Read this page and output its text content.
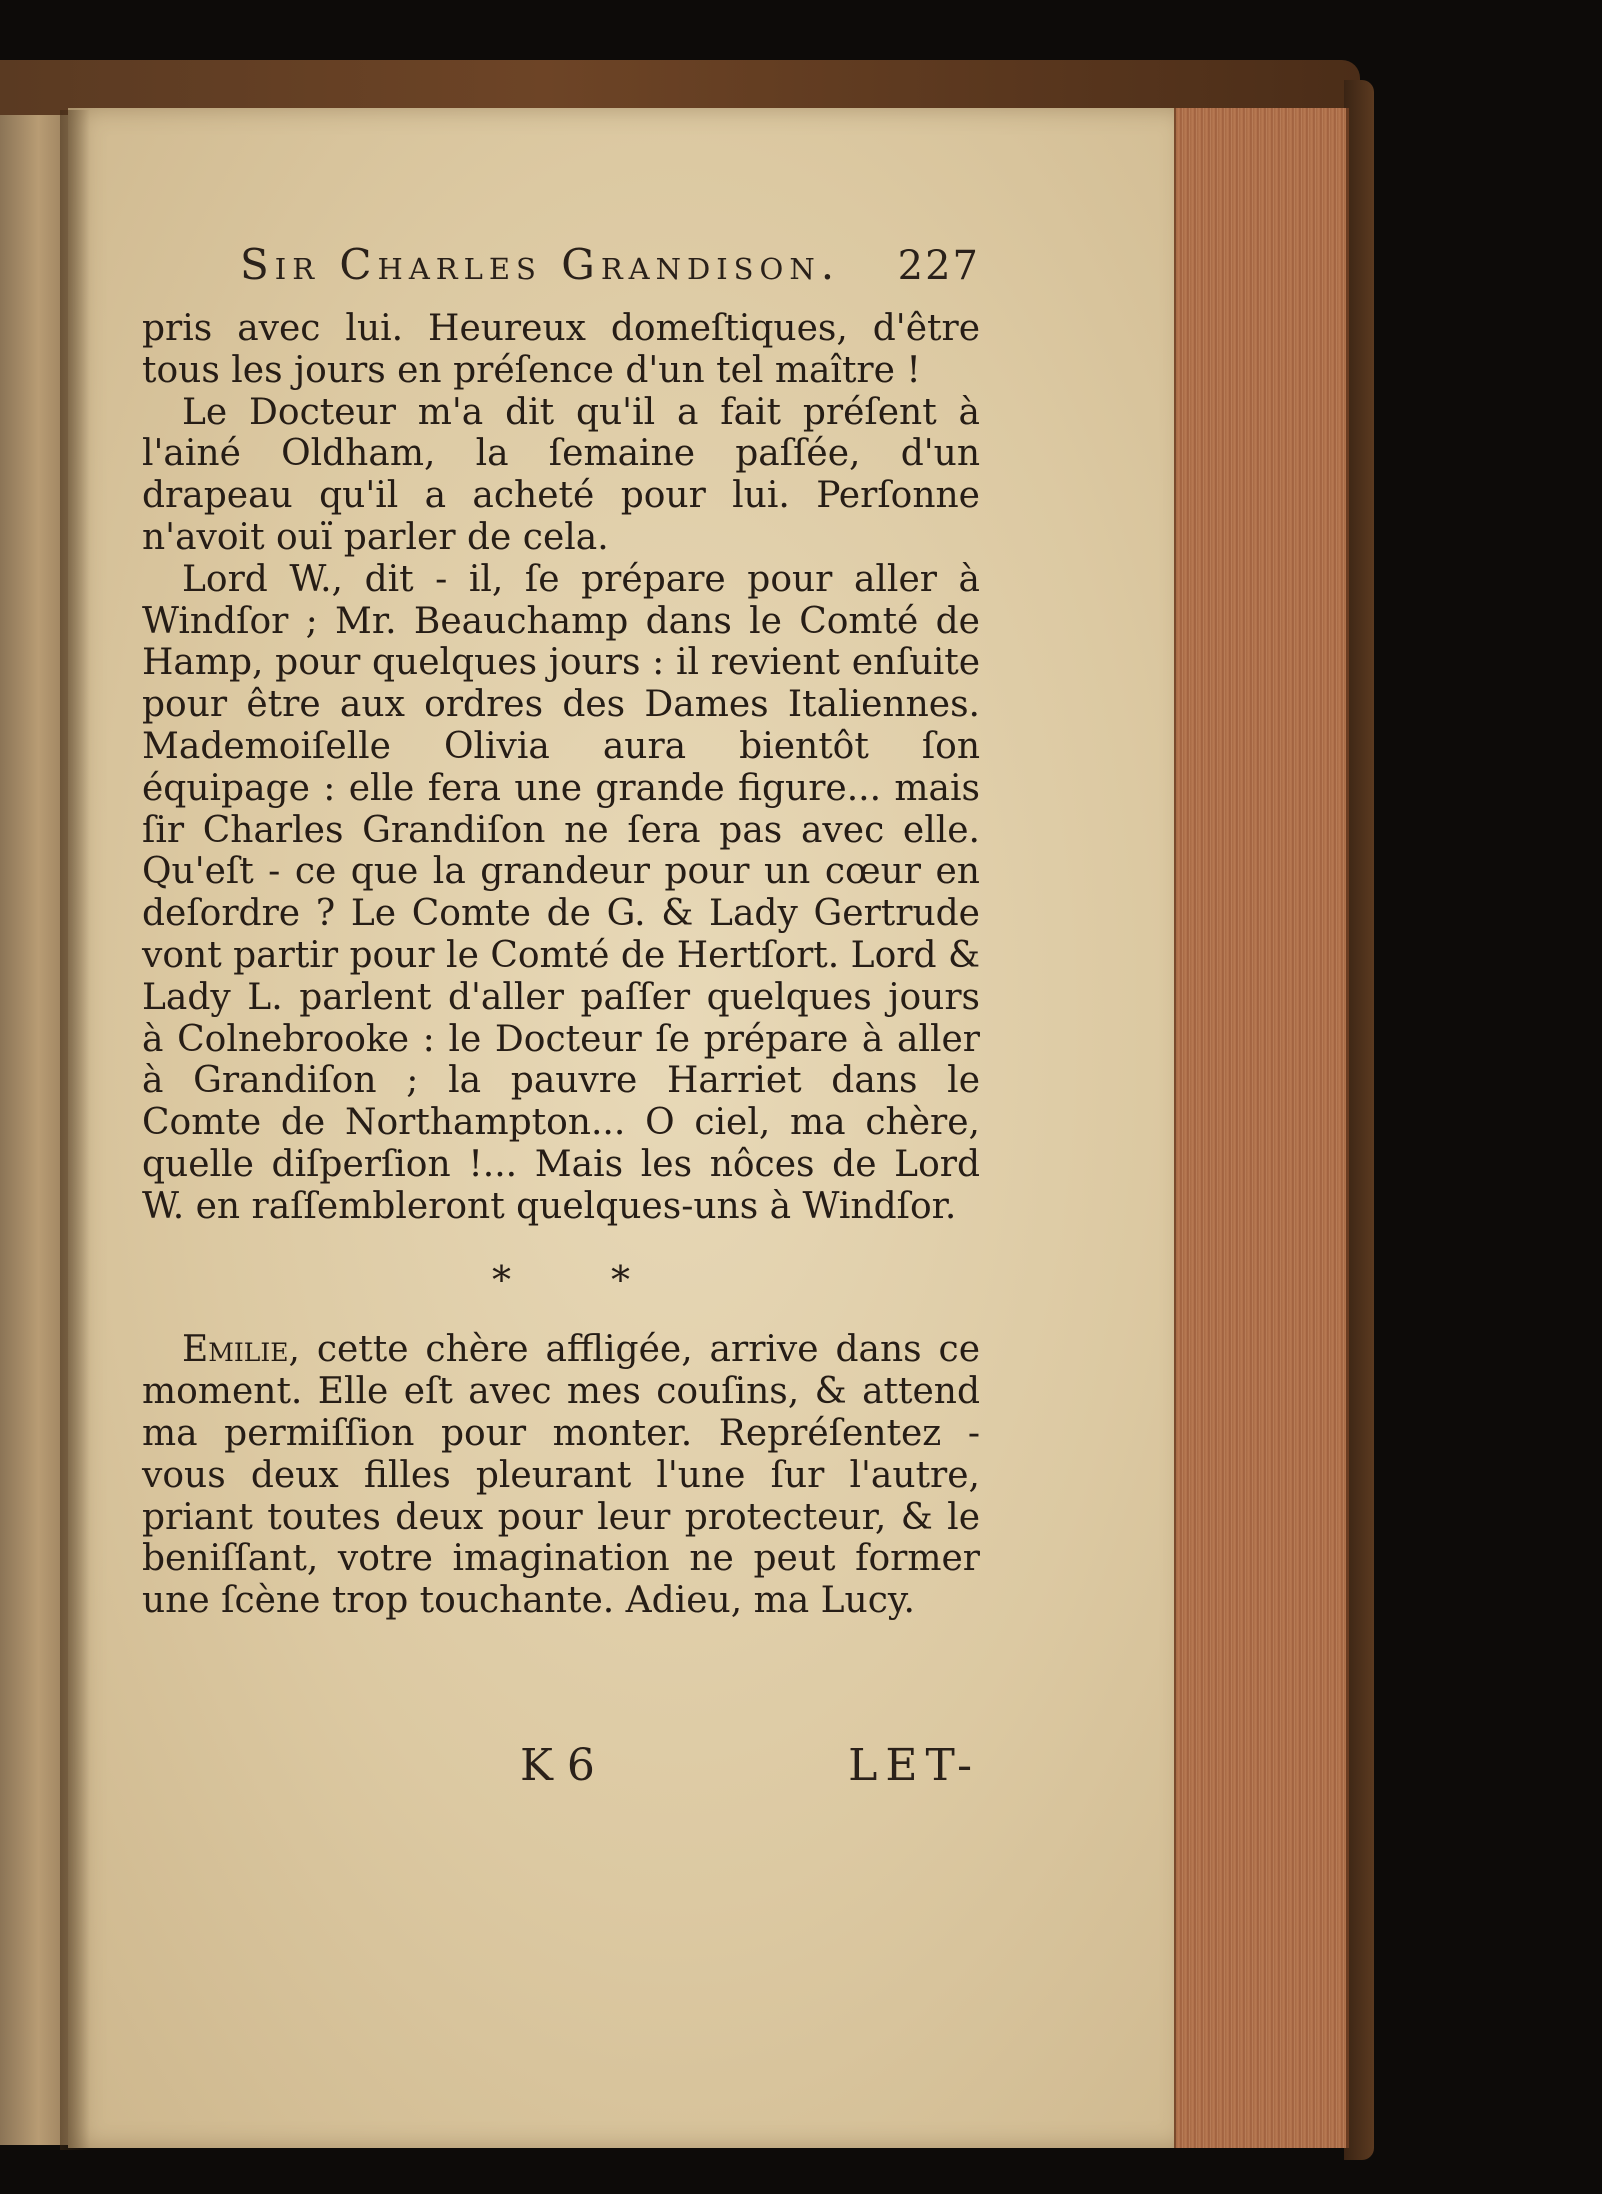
Sir Charles Grandison. 227

pris avec lui. Heureux domeſtiques, d'être tous les jours en préſence d'un tel maître !

Le Docteur m'a dit qu'il a fait préſent à l'ainé Oldham, la ſemaine paſſée, d'un drapeau qu'il a acheté pour lui. Perſonne n'avoit ouï parler de cela.

Lord W., dit - il, ſe prépare pour aller à Windſor ; Mr. Beauchamp dans le Comté de Hamp, pour quelques jours : il revient enſuite pour être aux ordres des Dames Italiennes. Mademoiſelle Olivia aura bientôt ſon équipage : elle fera une grande figure... mais ſir Charles Grandiſon ne ſera pas avec elle. Qu'eſt - ce que la grandeur pour un cœur en deſordre ? Le Comte de G. & Lady Gertrude vont partir pour le Comté de Hertſort. Lord & Lady L. parlent d'aller paſſer quelques jours à Colnebrooke : le Docteur ſe prépare à aller à Grandiſon ; la pauvre Harriet dans le Comte de Northampton... O ciel, ma chère, quelle diſperſion !... Mais les nôces de Lord W. en raſſembleront quelques-uns à Windſor.

* *

Emilie, cette chère affligée, arrive dans ce moment. Elle eſt avec mes couſins, & attend ma permiſſion pour monter. Repréſentez - vous deux filles pleurant l'une ſur l'autre, priant toutes deux pour leur protecteur, & le beniſſant, votre imagination ne peut former une ſcène trop touchante. Adieu, ma Lucy.

K 6	LET-
